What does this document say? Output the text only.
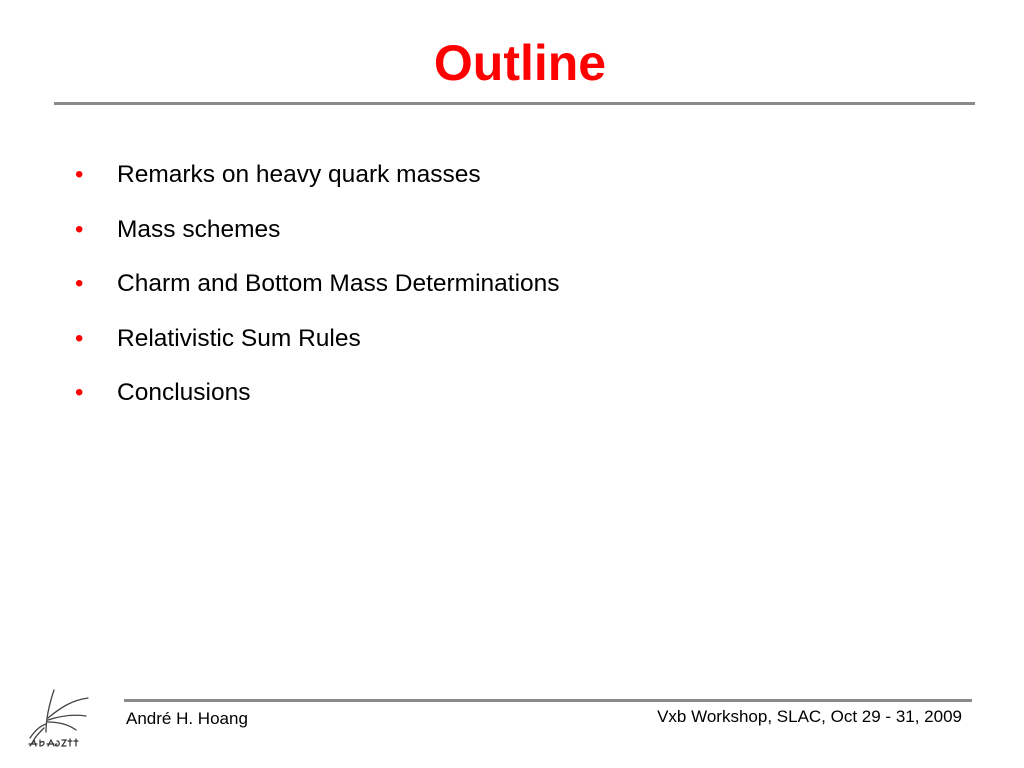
Outline
•	Remarks on heavy quark masses
•	Mass schemes
•	Charm and Bottom Mass Determinations
•	Relativistic Sum Rules
•	Conclusions
André H. Hoang	Vxb Workshop, SLAC, Oct 29 - 31, 2009
